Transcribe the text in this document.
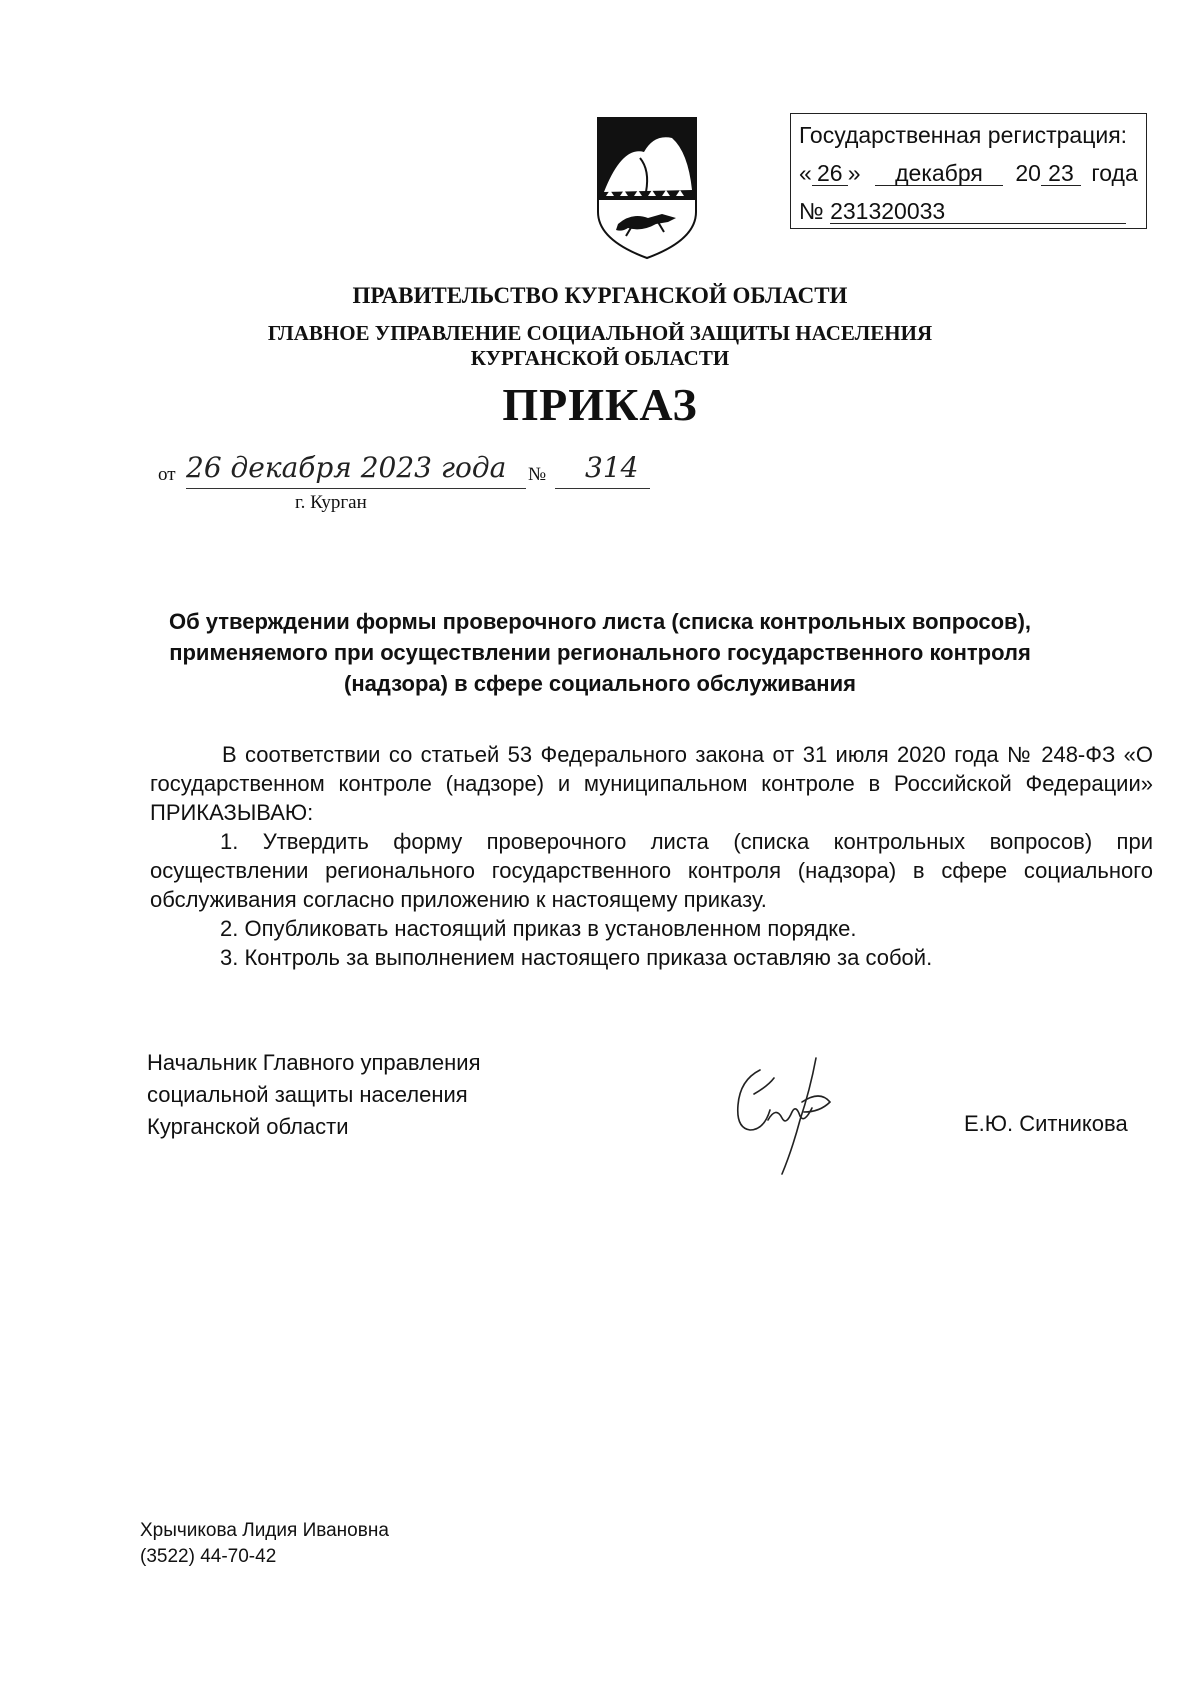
Государственная регистрация:
« 26 » декабря 20 23 года
№ 231320033
ПРАВИТЕЛЬСТВО КУРГАНСКОЙ ОБЛАСТИ
ГЛАВНОЕ УПРАВЛЕНИЕ СОЦИАЛЬНОЙ ЗАЩИТЫ НАСЕЛЕНИЯ
КУРГАНСКОЙ ОБЛАСТИ
ПРИКАЗ
от 26 декабря 2023 года	№	314
г. Курган
Об утверждении формы проверочного листа (списка контрольных вопросов), применяемого при осуществлении регионального государственного контроля (надзора) в сфере социального обслуживания

В соответствии со статьей 53 Федерального закона от 31 июля 2020 года № 248-ФЗ «О государственном контроле (надзоре) и муниципальном контроле в Российской Федерации» ПРИКАЗЫВАЮ:

1. Утвердить форму проверочного листа (списка контрольных вопросов) при осуществлении регионального государственного контроля (надзора) в сфере социального обслуживания согласно приложению к настоящему приказу.

2. Опубликовать настоящий приказ в установленном порядке.

3. Контроль за выполнением настоящего приказа оставляю за собой.

Начальник Главного управления
социальной защиты населения
Курганской области	Е.Ю. Ситникова
Хрычикова Лидия Ивановна
(3522) 44-70-42
